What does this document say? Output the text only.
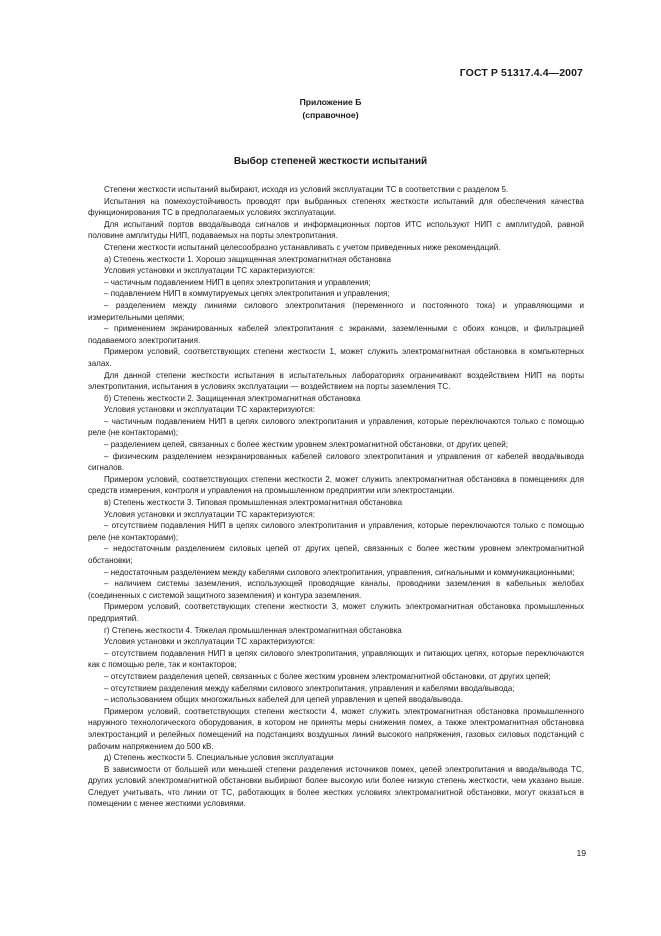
ГОСТ Р 51317.4.4—2007
Приложение Б
(справочное)
Выбор степеней жесткости испытаний

Степени жесткости испытаний выбирают, исходя из условий эксплуатации ТС в соответствии с разделом 5.

Испытания на помехоустойчивость проводят при выбранных степенях жесткости испытаний для обеспечения качества функционирования ТС в предполагаемых условиях эксплуатации.

Для испытаний портов ввода/вывода сигналов и информационных портов ИТС используют НИП с амплитудой, равной половине амплитуды НИП, подаваемых на порты электропитания.

Степени жесткости испытаний целесообразно устанавливать с учетом приведенных ниже рекомендаций.

а) Степень жесткости 1. Хорошо защищенная электромагнитная обстановка

Условия установки и эксплуатации ТС характеризуются:

– частичным подавлением НИП в цепях электропитания и управления;

– подавлением НИП в коммутируемых цепях электропитания и управления;

– разделением между линиями силового электропитания (переменного и постоянного тока) и управляющими и измерительными цепями;

– применением экранированных кабелей электропитания с экранами, заземленными с обоих концов, и фильтрацией подаваемого электропитания.

Примером условий, соответствующих степени жесткости 1, может служить электромагнитная обстановка в компьютерных залах.

Для данной степени жесткости испытания в испытательных лабораториях ограничивают воздействием НИП на порты электропитания, испытания в условиях эксплуатации — воздействием на порты заземления ТС.

б) Степень жесткости 2. Защищенная электромагнитная обстановка

Условия установки и эксплуатации ТС характеризуются:

– частичным подавлением НИП в цепях силового электропитания и управления, которые переключаются только с помощью реле (не контакторами);

– разделением цепей, связанных с более жестким уровнем электромагнитной обстановки, от других цепей;

– физическим разделением неэкранированных кабелей силового электропитания и управления от кабелей ввода/вывода сигналов.

Примером условий, соответствующих степени жесткости 2, может служить электромагнитная обстановка в помещениях для средств измерения, контроля и управления на промышленном предприятии или электростанции.

в) Степень жесткости 3. Типовая промышленная электромагнитная обстановка

Условия установки и эксплуатации ТС характеризуются:

– отсутствием подавления НИП в цепях силового электропитания и управления, которые переключаются только с помощью реле (не контакторами);

– недостаточным разделением силовых цепей от других цепей, связанных с более жестким уровнем электромагнитной обстановки;

– недостаточным разделением между кабелями силового электропитания, управления, сигнальными и коммуникационными;

– наличием системы заземления, использующей проводящие каналы, проводники заземления в кабельных желобах (соединенных с системой защитного заземления) и контура заземления.

Примером условий, соответствующих степени жесткости 3, может служить электромагнитная обстановка промышленных предприятий.

г) Степень жесткости 4. Тяжелая промышленная электромагнитная обстановка

Условия установки и эксплуатации ТС характеризуются:

– отсутствием подавления НИП в цепях силового электропитания, управляющих и питающих цепях, которые переключаются как с помощью реле, так и контакторов;

– отсутствием разделения цепей, связанных с более жестким уровнем электромагнитной обстановки, от других цепей;

– отсутствием разделения между кабелями силового электропитания, управления и кабелями ввода/вывода;

– использованием общих многожильных кабелей для цепей управления и цепей ввода/вывода.

Примером условий, соответствующих степени жесткости 4, может служить электромагнитная обстановка промышленного наружного технологического оборудования, в котором не приняты меры снижения помех, а также электромагнитная обстановка электростанций и релейных помещений на подстанциях воздушных линий высокого напряжения, газовых силовых подстанций с рабочим напряжением до 500 кВ.

д) Степень жесткости 5. Специальные условия эксплуатации

В зависимости от большей или меньшей степени разделения источников помех, цепей электропитания и ввода/вывода ТС, других условий электромагнитной обстановки выбирают более высокую или более низкую степень жесткости, чем указано выше. Следует учитывать, что линии от ТС, работающих в более жестких условиях электромагнитной обстановки, могут оказаться в помещении с менее жесткими условиями.

19
